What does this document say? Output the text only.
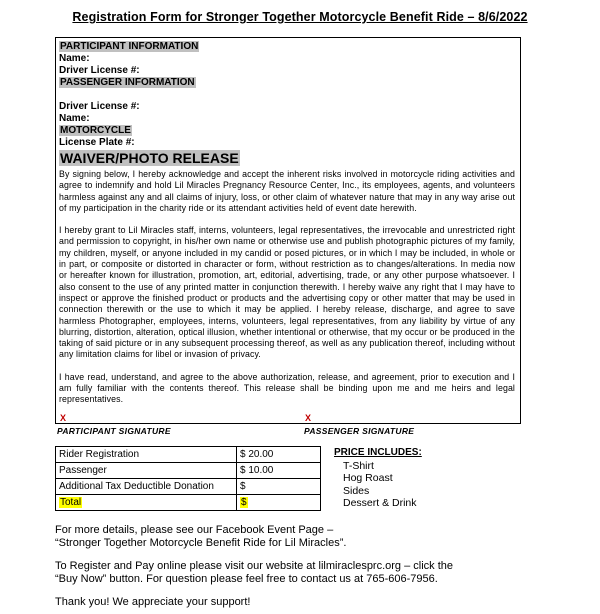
Registration Form for Stronger Together Motorcycle Benefit Ride – 8/6/2022
PARTICIPANT INFORMATION
Name:
Driver License #:
PASSENGER INFORMATION
Driver License #:
Name:
MOTORCYCLE
License Plate #:
WAIVER/PHOTO RELEASE

By signing below, I hereby acknowledge and accept the inherent risks involved in motorcycle riding activities and agree to indemnify and hold Lil Miracles Pregnancy Resource Center, Inc., its employees, agents, and volunteers harmless against any and all claims of injury, loss, or other claim of whatever nature that may in any way arise out of my participation in the charity ride or its attendant activities held of event date herewith.

I hereby grant to Lil Miracles staff, interns, volunteers, legal representatives, the irrevocable and unrestricted right and permission to copyright, in his/her own name or otherwise use and publish photographic pictures of my family, my children, myself, or anyone included in my candid or posed pictures, or in which I may be included, in whole or in part, or composite or distorted in character or form, without restriction as to changes/alterations. In media now or hereafter known for illustration, promotion, art, editorial, advertising, trade, or any other purpose whatsoever. I also consent to the use of any printed matter in conjunction therewith. I hereby waive any right that I may have to inspect or approve the finished product or products and the advertising copy or other matter that may be used in connection therewith or the use to which it may be applied. I hereby release, discharge, and agree to save harmless Photographer, employees, interns, volunteers, legal representatives, from any liability by virtue of any blurring, distortion, alteration, optical illusion, whether intentional or otherwise, that my occur or be produced in the taking of said picture or in any subsequent processing thereof, as well as any publication thereof, including without any limitation claims for libel or invasion of privacy.

I have read, understand, and agree to the above authorization, release, and agreement, prior to execution and I am fully familiar with the contents thereof. This release shall be binding upon me and me heirs and legal representatives.

X	X
PARTICIPANT SIGNATURE	PASSENGER SIGNATURE
Rider Registration	$ 20.00
Passenger	$ 10.00
Additional Tax Deductible Donation	$
Total	$
PRICE INCLUDES:
T-Shirt
Hog Roast
Sides
Dessert & Drink
For more details, please see our Facebook Event Page –
“Stronger Together Motorcycle Benefit Ride for Lil Miracles”.
To Register and Pay online please visit our website at lilmiraclesprc.org – click the
“Buy Now” button. For question please feel free to contact us at 765-606-7956.
Thank you! We appreciate your support!
